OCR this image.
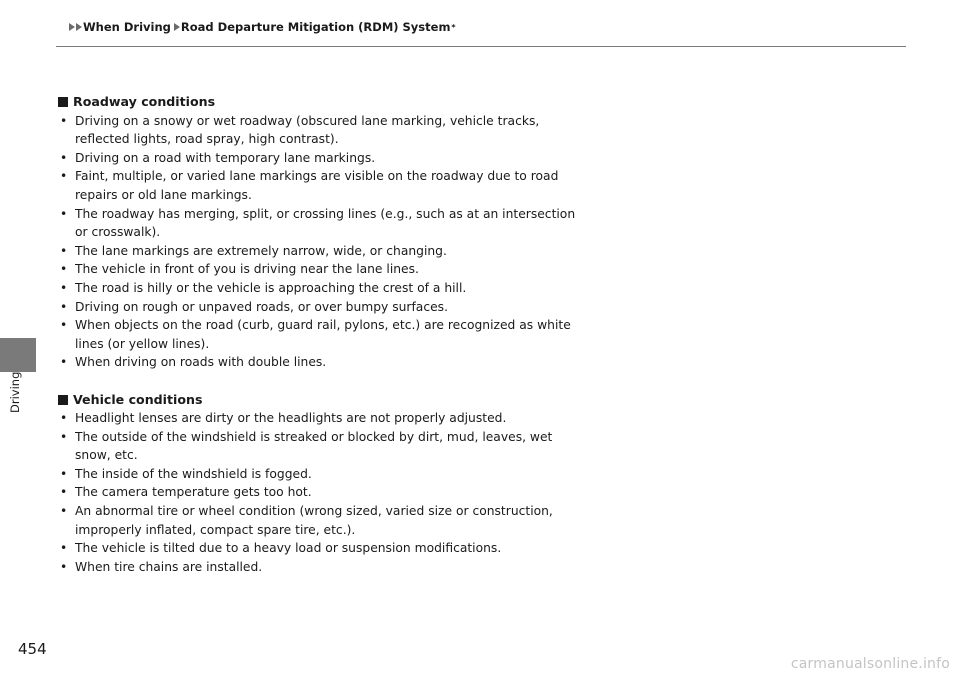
When Driving Road Departure Mitigation (RDM) System *
Driving
Roadway conditions
• Driving on a snowy or wet roadway (obscured lane marking, vehicle tracks,
reflected lights, road spray, high contrast).
• Driving on a road with temporary lane markings.
• Faint, multiple, or varied lane markings are visible on the roadway due to road
repairs or old lane markings.
• The roadway has merging, split, or crossing lines (e.g., such as at an intersection
or crosswalk).
• The lane markings are extremely narrow, wide, or changing.
• The vehicle in front of you is driving near the lane lines.
• The road is hilly or the vehicle is approaching the crest of a hill.
• Driving on rough or unpaved roads, or over bumpy surfaces.
• When objects on the road (curb, guard rail, pylons, etc.) are recognized as white
lines (or yellow lines).
• When driving on roads with double lines.
Vehicle conditions
• Headlight lenses are dirty or the headlights are not properly adjusted.
• The outside of the windshield is streaked or blocked by dirt, mud, leaves, wet
snow, etc.
• The inside of the windshield is fogged.
• The camera temperature gets too hot.
• An abnormal tire or wheel condition (wrong sized, varied size or construction,
improperly inflated, compact spare tire, etc.).
• The vehicle is tilted due to a heavy load or suspension modifications.
• When tire chains are installed.
454
carmanualsonline.info
